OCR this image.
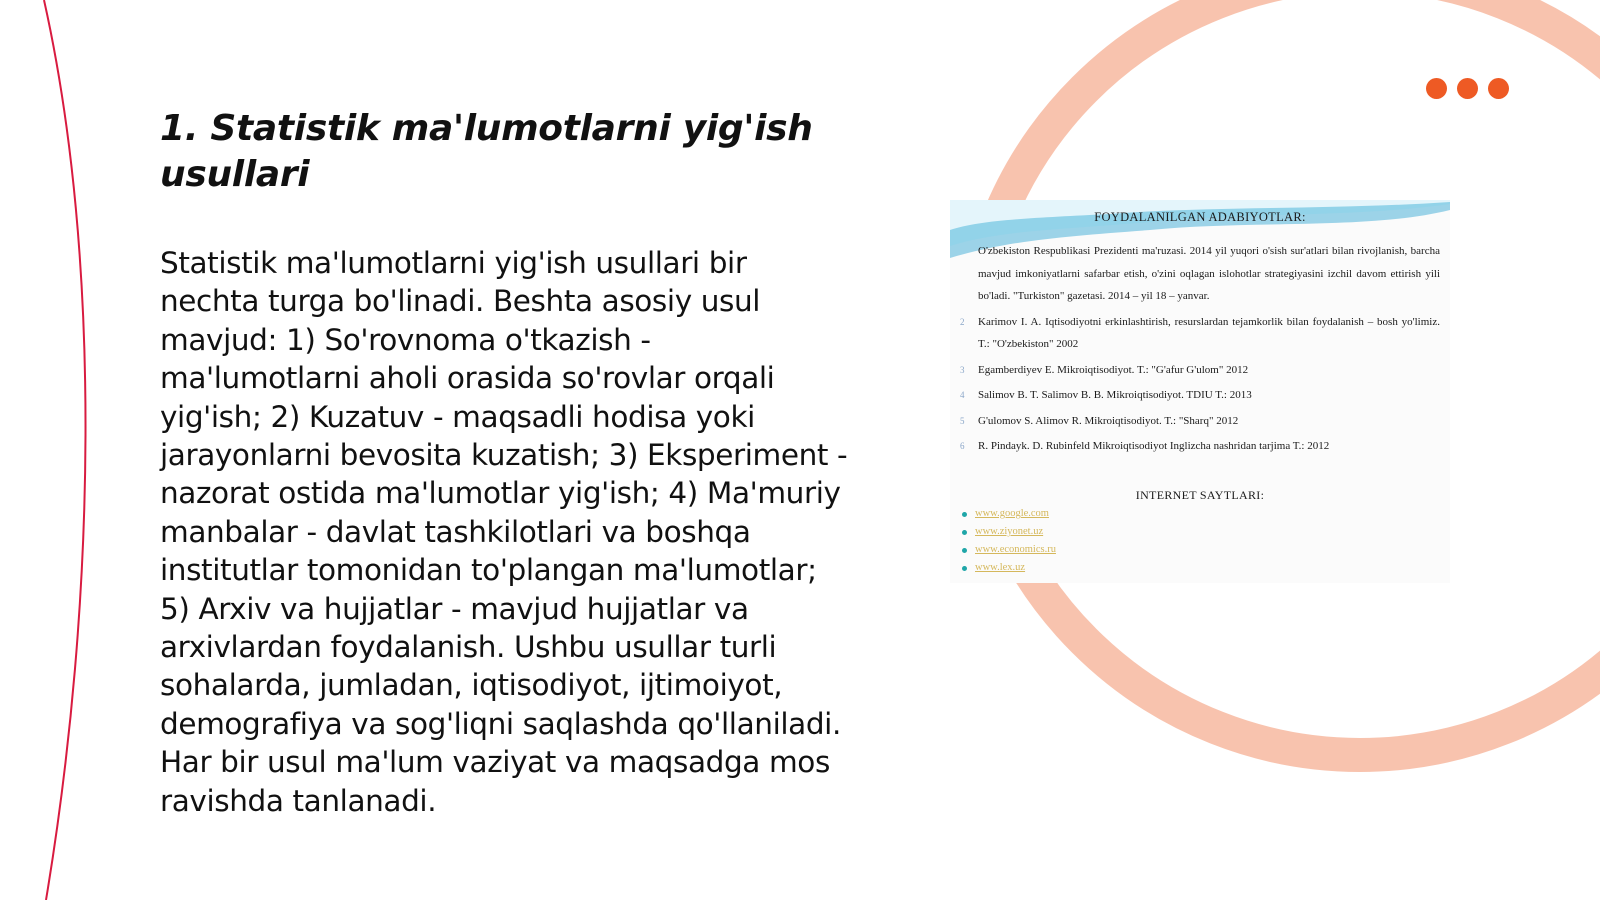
1. Statistik ma'lumotlarni yig'ish usullari

Statistik ma'lumotlarni yig'ish usullari bir nechta turga bo'linadi. Beshta asosiy usul mavjud: 1) So'rovnoma o'tkazish - ma'lumotlarni aholi orasida so'rovlar orqali yig'ish; 2) Kuzatuv - maqsadli hodisa yoki jarayonlarni bevosita kuzatish; 3) Eksperiment - nazorat ostida ma'lumotlar yig'ish; 4) Ma'muriy manbalar - davlat tashkilotlari va boshqa institutlar tomonidan to'plangan ma'lumotlar; 5) Arxiv va hujjatlar - mavjud hujjatlar va arxivlardan foydalanish. Ushbu usullar turli sohalarda, jumladan, iqtisodiyot, ijtimoiyot, demografiya va sog'liqni saqlashda qo'llaniladi. Har bir usul ma'lum vaziyat va maqsadga mos ravishda tanlanadi.

FOYDALANILGAN ADABIYOTLAR:
O'zbekiston Respublikasi Prezidenti ma'ruzasi. 2014 yil yuqori o'sish sur'atlari bilan rivojlanish, barcha mavjud imkoniyatlarni safarbar etish, o'zini oqlagan islohotlar strategiyasini izchil davom ettirish yili bo'ladi. "Turkiston" gazetasi. 2014 – yil 18 – yanvar.
2 Karimov I. A. Iqtisodiyotni erkinlashtirish, resurslardan tejamkorlik bilan foydalanish – bosh yo'limiz. T.: "O'zbekiston" 2002
3 Egamberdiyev E. Mikroiqtisodiyot. T.: "G'afur G'ulom" 2012
4 Salimov B. T. Salimov B. B. Mikroiqtisodiyot. TDIU T.: 2013
5 G'ulomov S. Alimov R. Mikroiqtisodiyot. T.: "Sharq" 2012
6 R. Pindayk. D. Rubinfeld Mikroiqtisodiyot Inglizcha nashridan tarjima T.: 2012
INTERNET SAYTLARI:
www.google.com
www.ziyonet.uz
www.economics.ru
www.lex.uz
